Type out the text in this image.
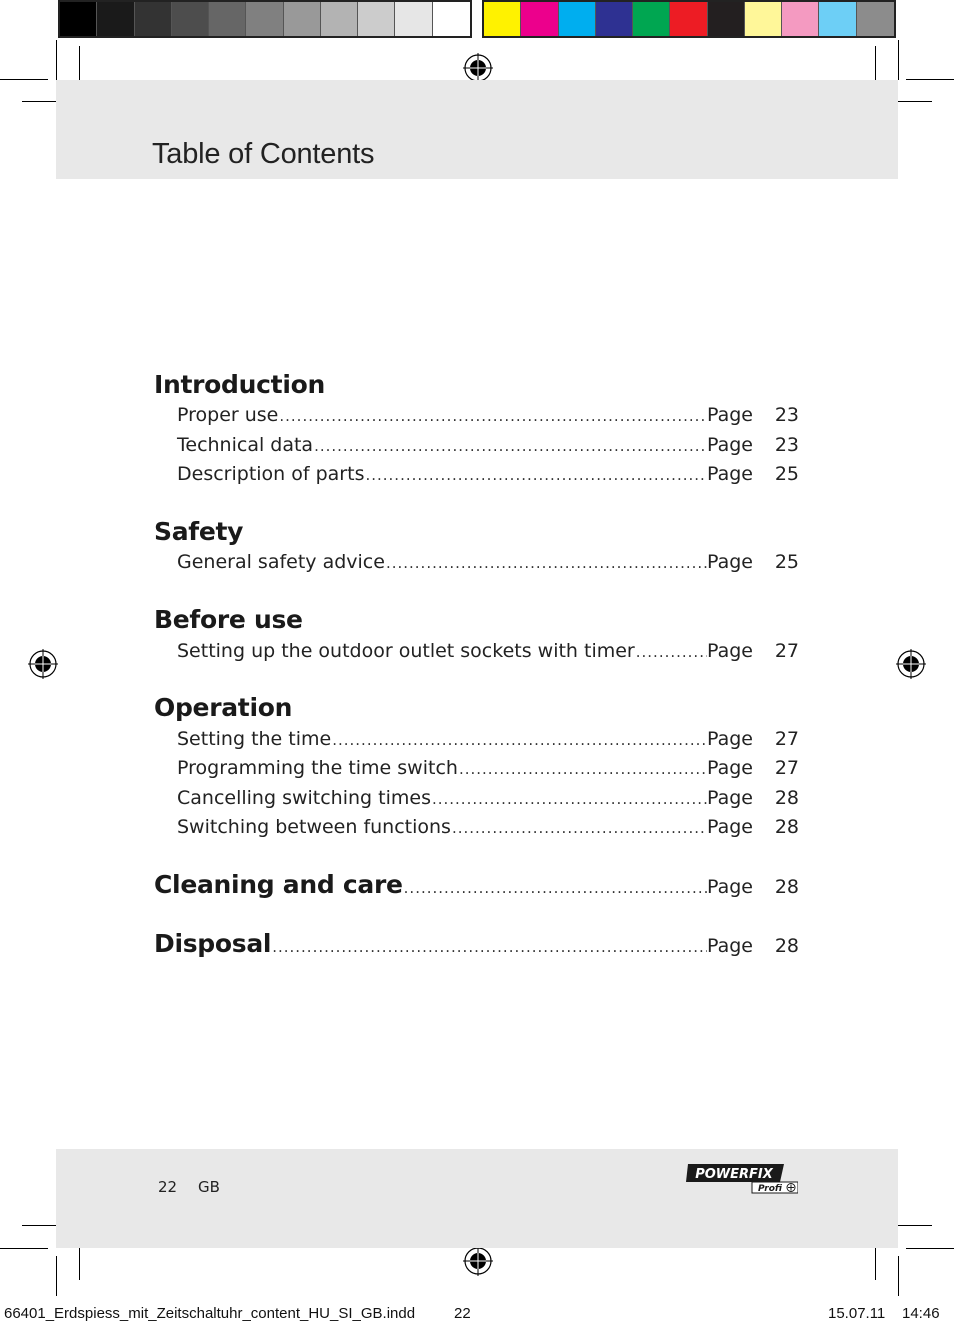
Table of Contents
Introduction
Proper use .....	Page	23
Technical data .....	Page	23
Description of parts .....	Page	25
Safety
General safety advice .....	Page	25
Before use
Setting up the outdoor outlet sockets with timer .....	Page	27
Operation
Setting the time .....	Page	27
Programming the time switch .....	Page	27
Cancelling switching times .....	Page	28
Switching between functions .....	Page	28
Cleaning and care .....	Page	28
Disposal .....	Page	28
22 GB
POWERFIX
Profi
66401_Erdspiess_mit_Zeitschaltuhr_content_HU_SI_GB.indd	22	15.07.11 14:46
